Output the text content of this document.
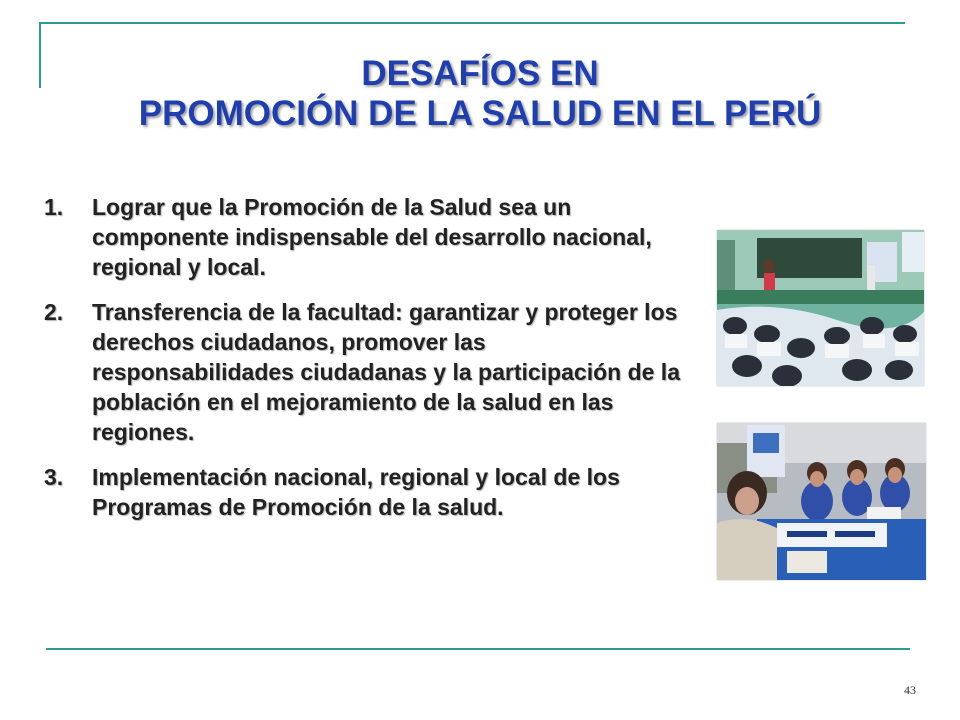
DESAFÍOS EN
PROMOCIÓN DE LA SALUD EN EL PERÚ
1. Lograr que la Promoción de la Salud sea un componente indispensable del desarrollo nacional, regional y local.
2. Transferencia de la facultad: garantizar y proteger los derechos ciudadanos, promover las responsabilidades ciudadanas y la participación de la población en el mejoramiento de la salud en las regiones.
3. Implementación nacional, regional y local de los Programas de Promoción de la salud.
43
